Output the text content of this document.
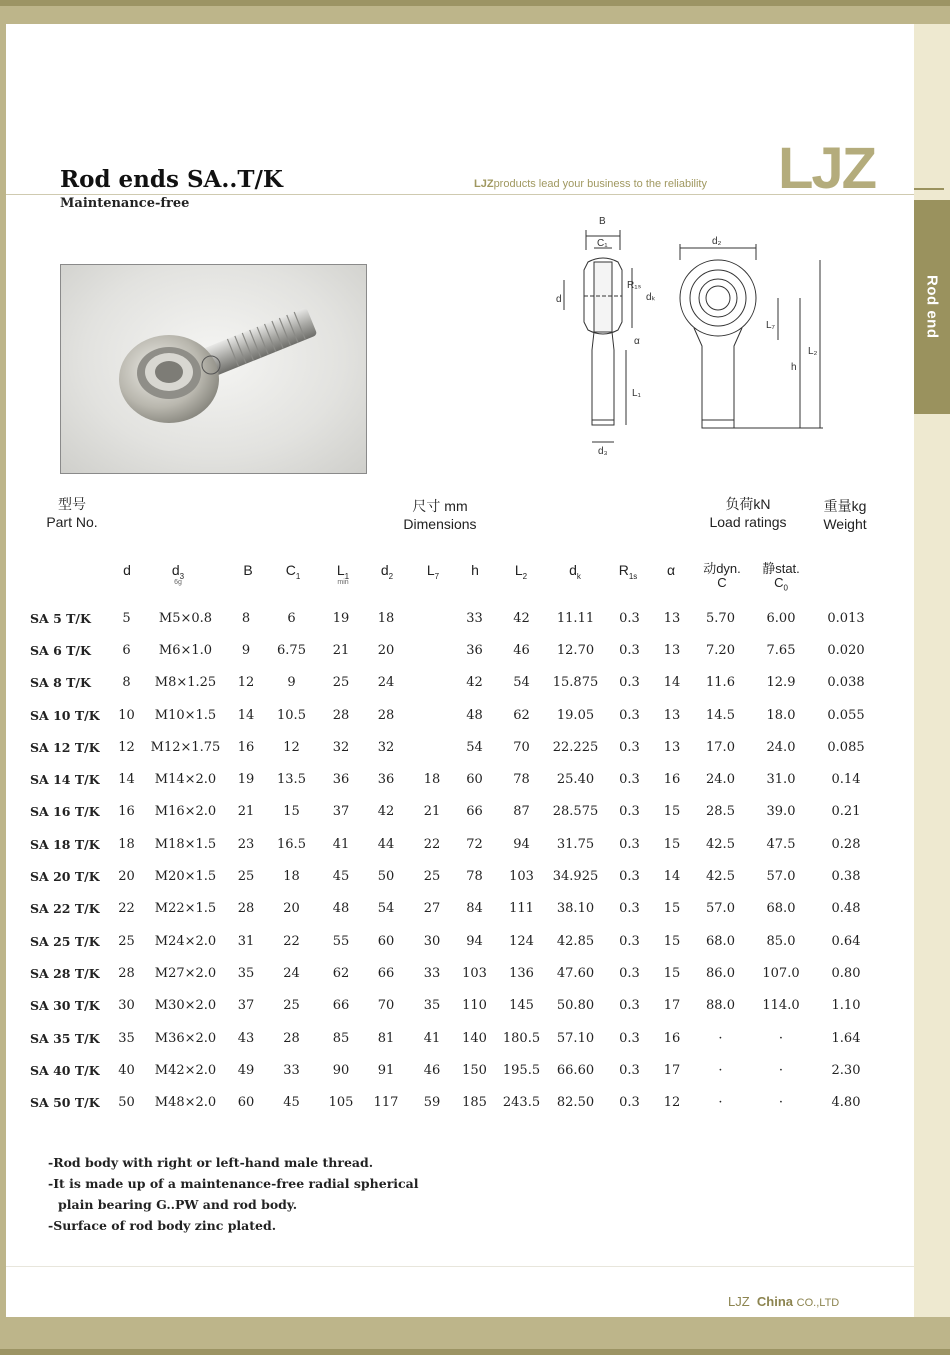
Rod end
Rod ends SA..T/K
Maintenance-free
LJZproducts lead your business to the reliability LJZ
B
C₁
R₁ₛ
dₖ
d
α
L₁
d₃
d₂
L₇
h
L₂
型号
Part No.
尺寸 mm
Dimensions
负荷kN
Load ratings
重量kg
Weight
d	$d_3$
6g
B	$C_1$	$L_1$
min
$d_2$	$L_7$	h	$L_2$	$d_k$	$R_{1s}$	α	动dyn.
C
静stat.
$C_0$
SA 5 T/K	5	M5×0.8	8	6	19	18		33	42	11.11	0.3	13	5.70	6.00	0.013
SA 6 T/K	6	M6×1.0	9	6.75	21	20		36	46	12.70	0.3	13	7.20	7.65	0.020
SA 8 T/K	8	M8×1.25	12	9	25	24		42	54	15.875	0.3	14	11.6	12.9	0.038
SA 10 T/K	10	M10×1.5	14	10.5	28	28		48	62	19.05	0.3	13	14.5	18.0	0.055
SA 12 T/K	12	M12×1.75	16	12	32	32		54	70	22.225	0.3	13	17.0	24.0	0.085
SA 14 T/K	14	M14×2.0	19	13.5	36	36	18	60	78	25.40	0.3	16	24.0	31.0	0.14
SA 16 T/K	16	M16×2.0	21	15	37	42	21	66	87	28.575	0.3	15	28.5	39.0	0.21
SA 18 T/K	18	M18×1.5	23	16.5	41	44	22	72	94	31.75	0.3	15	42.5	47.5	0.28
SA 20 T/K	20	M20×1.5	25	18	45	50	25	78	103	34.925	0.3	14	42.5	57.0	0.38
SA 22 T/K	22	M22×1.5	28	20	48	54	27	84	111	38.10	0.3	15	57.0	68.0	0.48
SA 25 T/K	25	M24×2.0	31	22	55	60	30	94	124	42.85	0.3	15	68.0	85.0	0.64
SA 28 T/K	28	M27×2.0	35	24	62	66	33	103	136	47.60	0.3	15	86.0	107.0	0.80
SA 30 T/K	30	M30×2.0	37	25	66	70	35	110	145	50.80	0.3	17	88.0	114.0	1.10
SA 35 T/K	35	M36×2.0	43	28	85	81	41	140	180.5	57.10	0.3	16	·	·	1.64
SA 40 T/K	40	M42×2.0	49	33	90	91	46	150	195.5	66.60	0.3	17	·	·	2.30
SA 50 T/K	50	M48×2.0	60	45	105	117	59	185	243.5	82.50	0.3	12	·	·	4.80
-Rod body with right or left-hand male thread.
-It is made up of a maintenance-free radial spherical
plain bearing G..PW and rod body.
-Surface of rod body zinc plated.
LJZ China CO.,LTD
